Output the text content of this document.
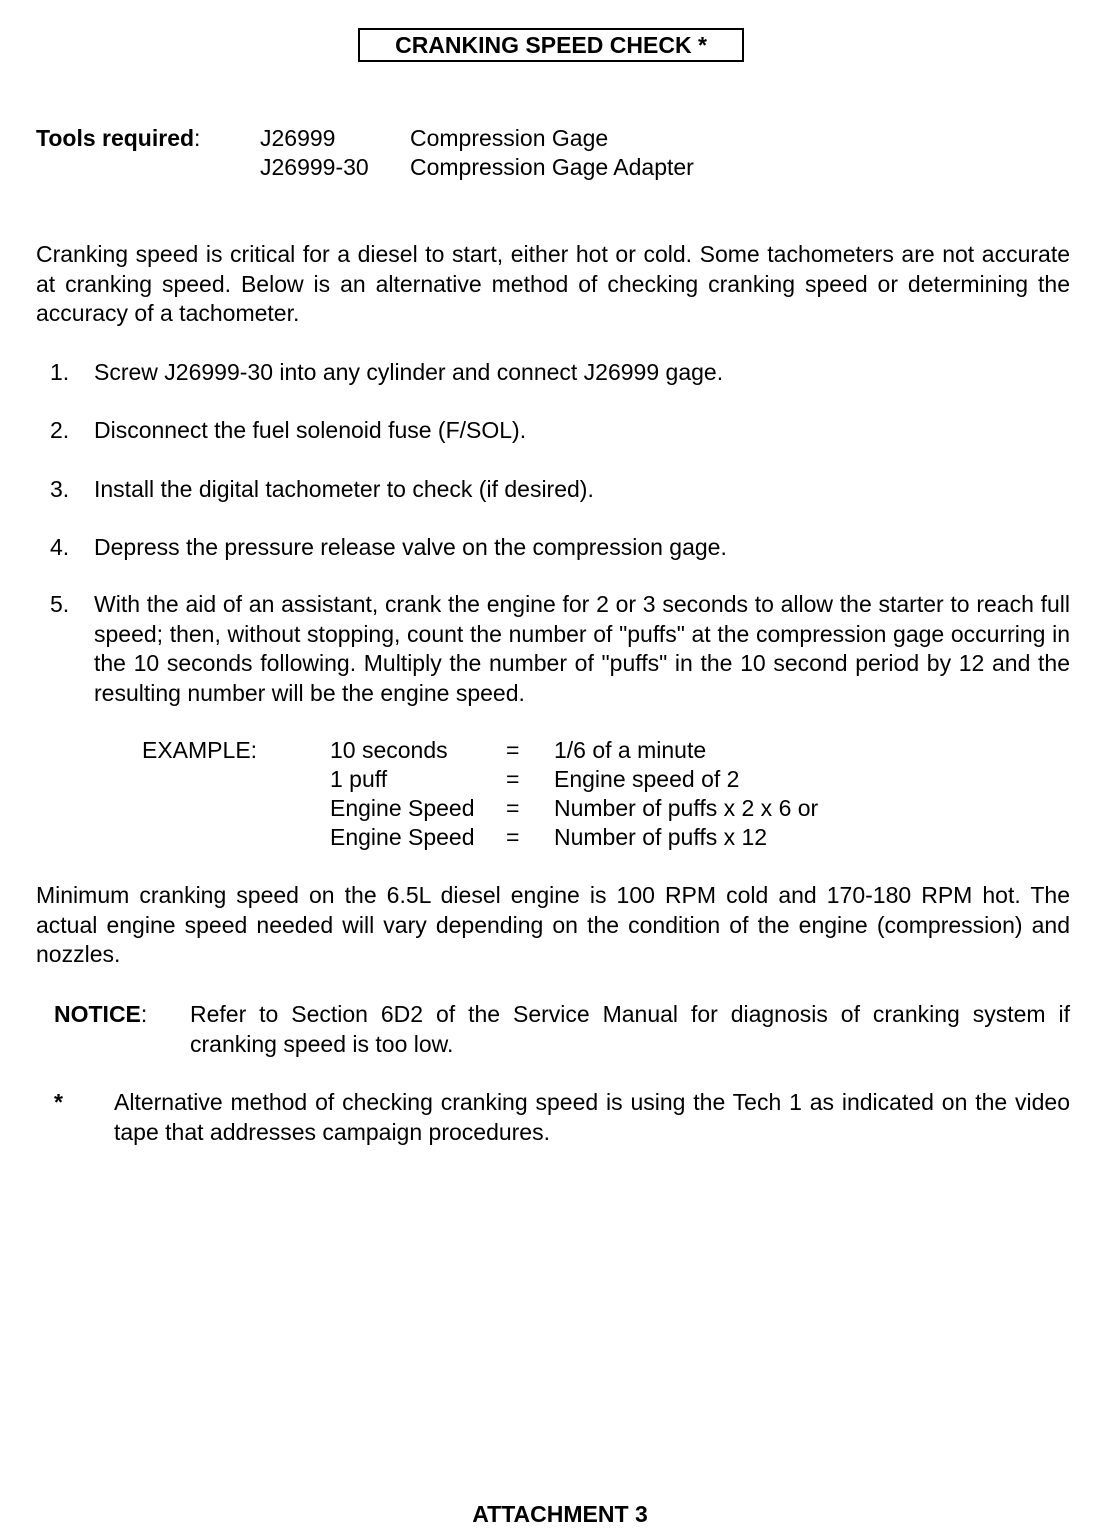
CRANKING SPEED CHECK *
Tools required:	J26999	Compression Gage
J26999-30 Compression Gage Adapter
Cranking speed is critical for a diesel to start, either hot or cold. Some tachometers are not accurate at cranking speed. Below is an alternative method of checking cranking speed or determining the accuracy of a tachometer.
1. Screw J26999-30 into any cylinder and connect J26999 gage.
2. Disconnect the fuel solenoid fuse (F/SOL).
3. Install the digital tachometer to check (if desired).
4. Depress the pressure release valve on the compression gage.
5. With the aid of an assistant, crank the engine for 2 or 3 seconds to allow the starter to reach full speed; then, without stopping, count the number of "puffs" at the compression gage occurring in the 10 seconds following. Multiply the number of "puffs" in the 10 second period by 12 and the resulting number will be the engine speed.
EXAMPLE:	10 seconds	= 1/6 of a minute
1 puff	= Engine speed of 2
Engine Speed = Number of puffs x 2 x 6 or
Engine Speed = Number of puffs x 12
Minimum cranking speed on the 6.5L diesel engine is 100 RPM cold and 170-180 RPM hot. The actual engine speed needed will vary depending on the condition of the engine (compression) and nozzles.
NOTICE: Refer to Section 6D2 of the Service Manual for diagnosis of cranking system if cranking speed is too low.
* Alternative method of checking cranking speed is using the Tech 1 as indicated on the video tape that addresses campaign procedures.
ATTACHMENT 3
